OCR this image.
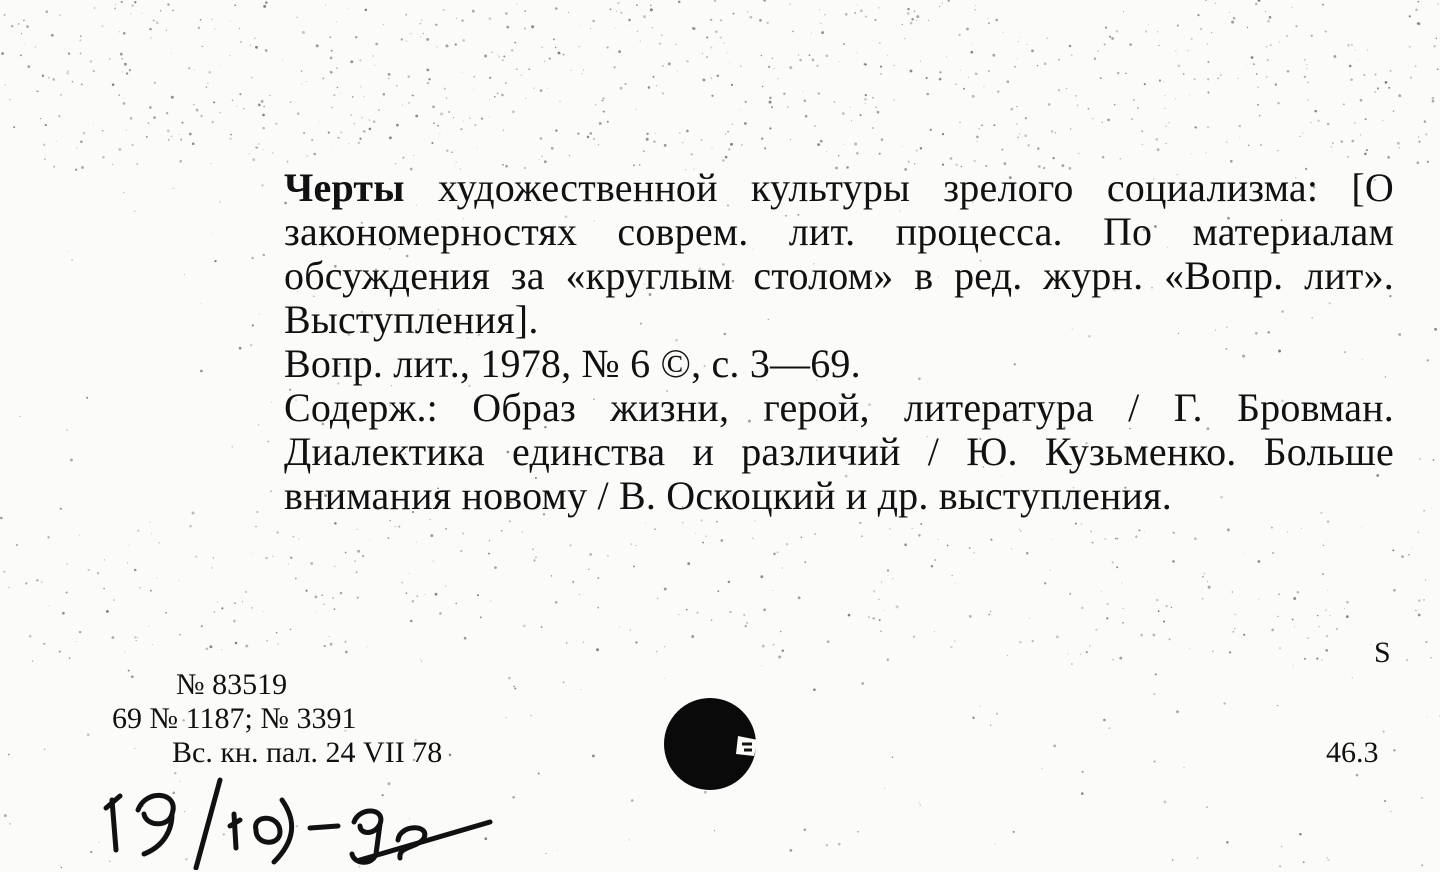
Черты художественной культуры зрелого социализма: [О закономерностях соврем. лит. процесса. По материалам обсуждения за «круглым столом» в ред. журн. «Вопр. лит». Выступления].

Вопр. лит., 1978, № 6 ©, с. 3—69.

Содерж.: Образ жизни, герой, литература / Г. Бровман. Диалектика единства и различий / Ю. Кузьменко. Больше внимания новому / В. Оскоцкий и др. выступления.

№ 83519
69 № 1187; № 3391
Вс. кн. пал. 24 VII 78
S
46.3
